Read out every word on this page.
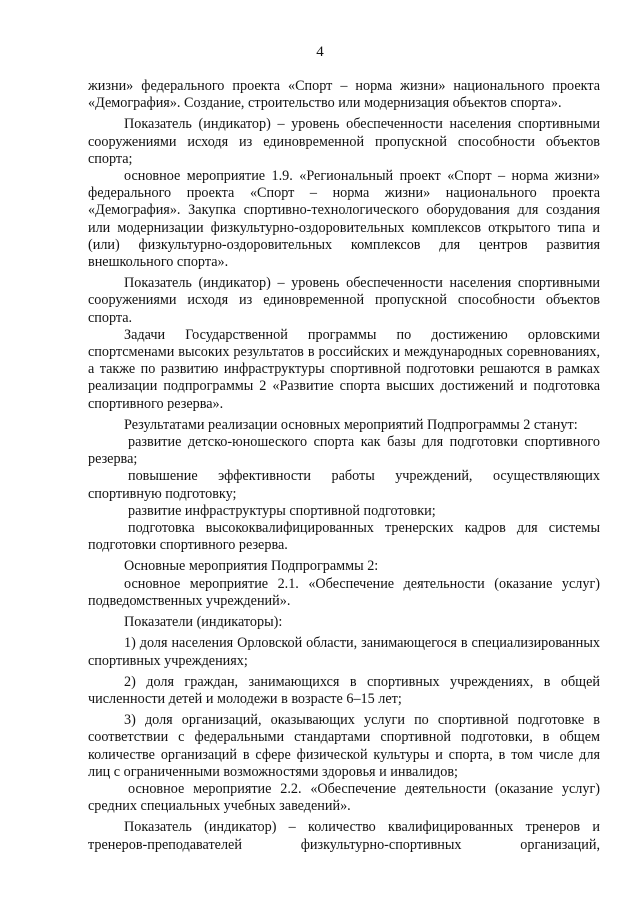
4

жизни» федерального проекта «Спорт – норма жизни» национального проекта «Демография». Создание, строительство или модернизация объектов спорта».

Показатель (индикатор) – уровень обеспеченности населения спортивными сооружениями исходя из единовременной пропускной способности объектов спорта;

основное мероприятие 1.9. «Региональный проект «Спорт – норма жизни» федерального проекта «Спорт – норма жизни» национального проекта «Демография». Закупка спортивно-технологического оборудования для создания или модернизации физкультурно-оздоровительных комплексов открытого типа и (или) физкультурно-оздоровительных комплексов для центров развития внешкольного спорта».

Показатель (индикатор) – уровень обеспеченности населения спортивными сооружениями исходя из единовременной пропускной способности объектов спорта.

Задачи Государственной программы по достижению орловскими спортсменами высоких результатов в российских и международных соревнованиях, а также по развитию инфраструктуры спортивной подготовки решаются в рамках реализации подпрограммы 2 «Развитие спорта высших достижений и подготовка спортивного резерва».

Результатами реализации основных мероприятий Подпрограммы 2 станут:

развитие детско-юношеского спорта как базы для подготовки спортивного резерва;

повышение эффективности работы учреждений, осуществляющих спортивную подготовку;

развитие инфраструктуры спортивной подготовки;

подготовка высококвалифицированных тренерских кадров для системы подготовки спортивного резерва.

Основные мероприятия Подпрограммы 2:

основное мероприятие 2.1. «Обеспечение деятельности (оказание услуг) подведомственных учреждений».

Показатели (индикаторы):

1) доля населения Орловской области, занимающегося в специализированных спортивных учреждениях;

2) доля граждан, занимающихся в спортивных учреждениях, в общей численности детей и молодежи в возрасте 6–15 лет;

3) доля организаций, оказывающих услуги по спортивной подготовке в соответствии с федеральными стандартами спортивной подготовки, в общем количестве организаций в сфере физической культуры и спорта, в том числе для лиц с ограниченными возможностями здоровья и инвалидов;

основное мероприятие 2.2. «Обеспечение деятельности (оказание услуг) средних специальных учебных заведений».

Показатель (индикатор) – количество квалифицированных тренеров и тренеров-преподавателей физкультурно-спортивных организаций,
